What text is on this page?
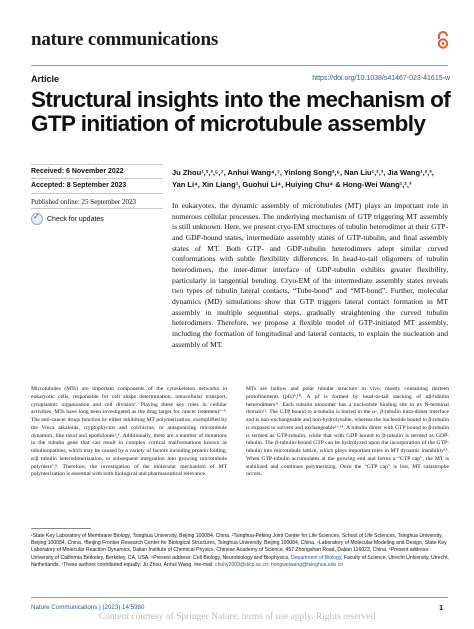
nature communications
Article	https://doi.org/10.1038/s41467-023-41615-w
Structural insights into the mechanism of GTP initiation of microtubule assembly
Received: 6 November 2022
Accepted: 8 September 2023
Published online: 25 September 2023
✓
Check for updates
Ju Zhou¹,²,³,⁵,⁷, Anhui Wang⁴,⁷, Yinlong Song²,⁶, Nan Liu¹,²,³, Jia Wang¹,²,³,
Yan Li⁴, Xin Liang¹, Guohui Li⁴, Huiying Chu⁴ & Hong-Wei Wang¹,²,³
In eukaryotes, the dynamic assembly of microtubules (MT) plays an important role in numerous cellular processes. The underlying mechanism of GTP triggering MT assembly is still unknown. Here, we present cryo-EM structures of tubulin heterodimer at their GTP- and GDP-bound states, intermediate assembly states of GTP-tubulin, and final assembly states of MT. Both GTP- and GDP-tubulin heterodimers adopt similar curved conformations with subtle flexibility differences. In head-to-tail oligomers of tubulin heterodimers, the inter-dimer interface of GDP-tubulin exhibits greater flexibility, particularly in tangential bending. Cryo-EM of the intermediate assembly states reveals two types of tubulin lateral contacts, “Tube-bond” and “MT-bond”. Further, molecular dynamics (MD) simulations show that GTP triggers lateral contact formation in MT assembly in multiple sequential steps, gradually straightening the curved tubulin heterodimers. Therefore, we propose a flexible model of GTP-initiated MT assembly, including the formation of longitudinal and lateral contacts, to explain the nucleation and assembly of MT.
Microtubules (MTs) are important components of the cytoskeleton networks in eukaryotic cells, responsible for cell shape determination, intracellular transport, cytoplasmic organization and cell division¹. Playing these key roles in cellular activities, MTs have long been investigated as the drug target for cancer treatment²⁻⁴. The anti-cancer drugs function by either inhibiting MT polymerization, exemplified by the Vinca alkaloids, cryptophycins and colchicine, or antagonizing microtubule dynamics, like taxol and epothilones⁵,⁶. Additionally, there are a number of mutations in the tubulin gene that can result in complex cortical malformations known as tubulinopathies, which may be caused by a variety of factors including protein folding, α/β tubulin heterodimerization, or subsequent integration into growing microtubule polymers⁷,⁸. Therefore, the investigation of the molecular mechanism of MT polymerization is essential with both biological and pharmaceutical relevance.
MTs are hollow and polar tubular structure in vivo, mostly containing thirteen protofilaments (pfs)⁹,¹⁰. A pf is formed by head-to-tail stacking of αβ-tubulin heterodimers¹¹. Each tubulin monomer has a nucleotide binding site in its N-terminal domain¹². The GTP bound to α-tubulin is buried in the α-, β-tubulin intra-dimer interface and is non-exchangeable and non-hydrolysable, whereas the nucleotide bound to β-tubulin is exposed to solvent and exchangeable¹³,¹⁴. A tubulin dimer with GTP bound to β-tubulin is termed as GTP-tubulin, while that with GDP bound to β-tubulin is termed as GDP-tubulin. The β-tubulin-bound GTP can be hydrolyzed upon the incorporation of the GTP-tubulin into microtubule lattice, which plays important roles in MT dynamic instability¹⁵. When GTP-tubulin accumulates at the growing end and forms a “GTP cap”, the MT is stabilized and continues polymerizing. Once the “GTP cap” is lost, MT catastrophe occurs.
¹State Key Laboratory of Membrane Biology, Tsinghua University, Beijing 100084, China. ²Tsinghua-Peking Joint Center for Life Sciences, School of Life Sciences, Tsinghua University, Beijing 100084, China. ³Beijing Frontier Research Center for Biological Structures, Tsinghua University, Beijing 100084, China. ⁴Laboratory of Molecular Modeling and Design, State Key Laboratory of Molecular Reaction Dynamics, Dalian Institute of Chemical Physics, Chinese Academy of Science, 457 Zhongshan Road, Dalian 116023, China. ⁵Present address: University of California Berkeley, Berkeley, CA, USA. ⁶Present address: Cell Biology, Neurobiology and Biophysics, Department of Biology, Faculty of Science, Utrecht University, Utrecht, Netherlands. ⁷These authors contributed equally: Ju Zhou, Anhui Wang. ✉e-mail: chuhy2009@dicp.ac.cn; hongweiwang@tsinghua.edu.cn
Nature Communications | (2023) 14:5980	1
Content courtesy of Springer Nature, terms of use apply. Rights reserved
